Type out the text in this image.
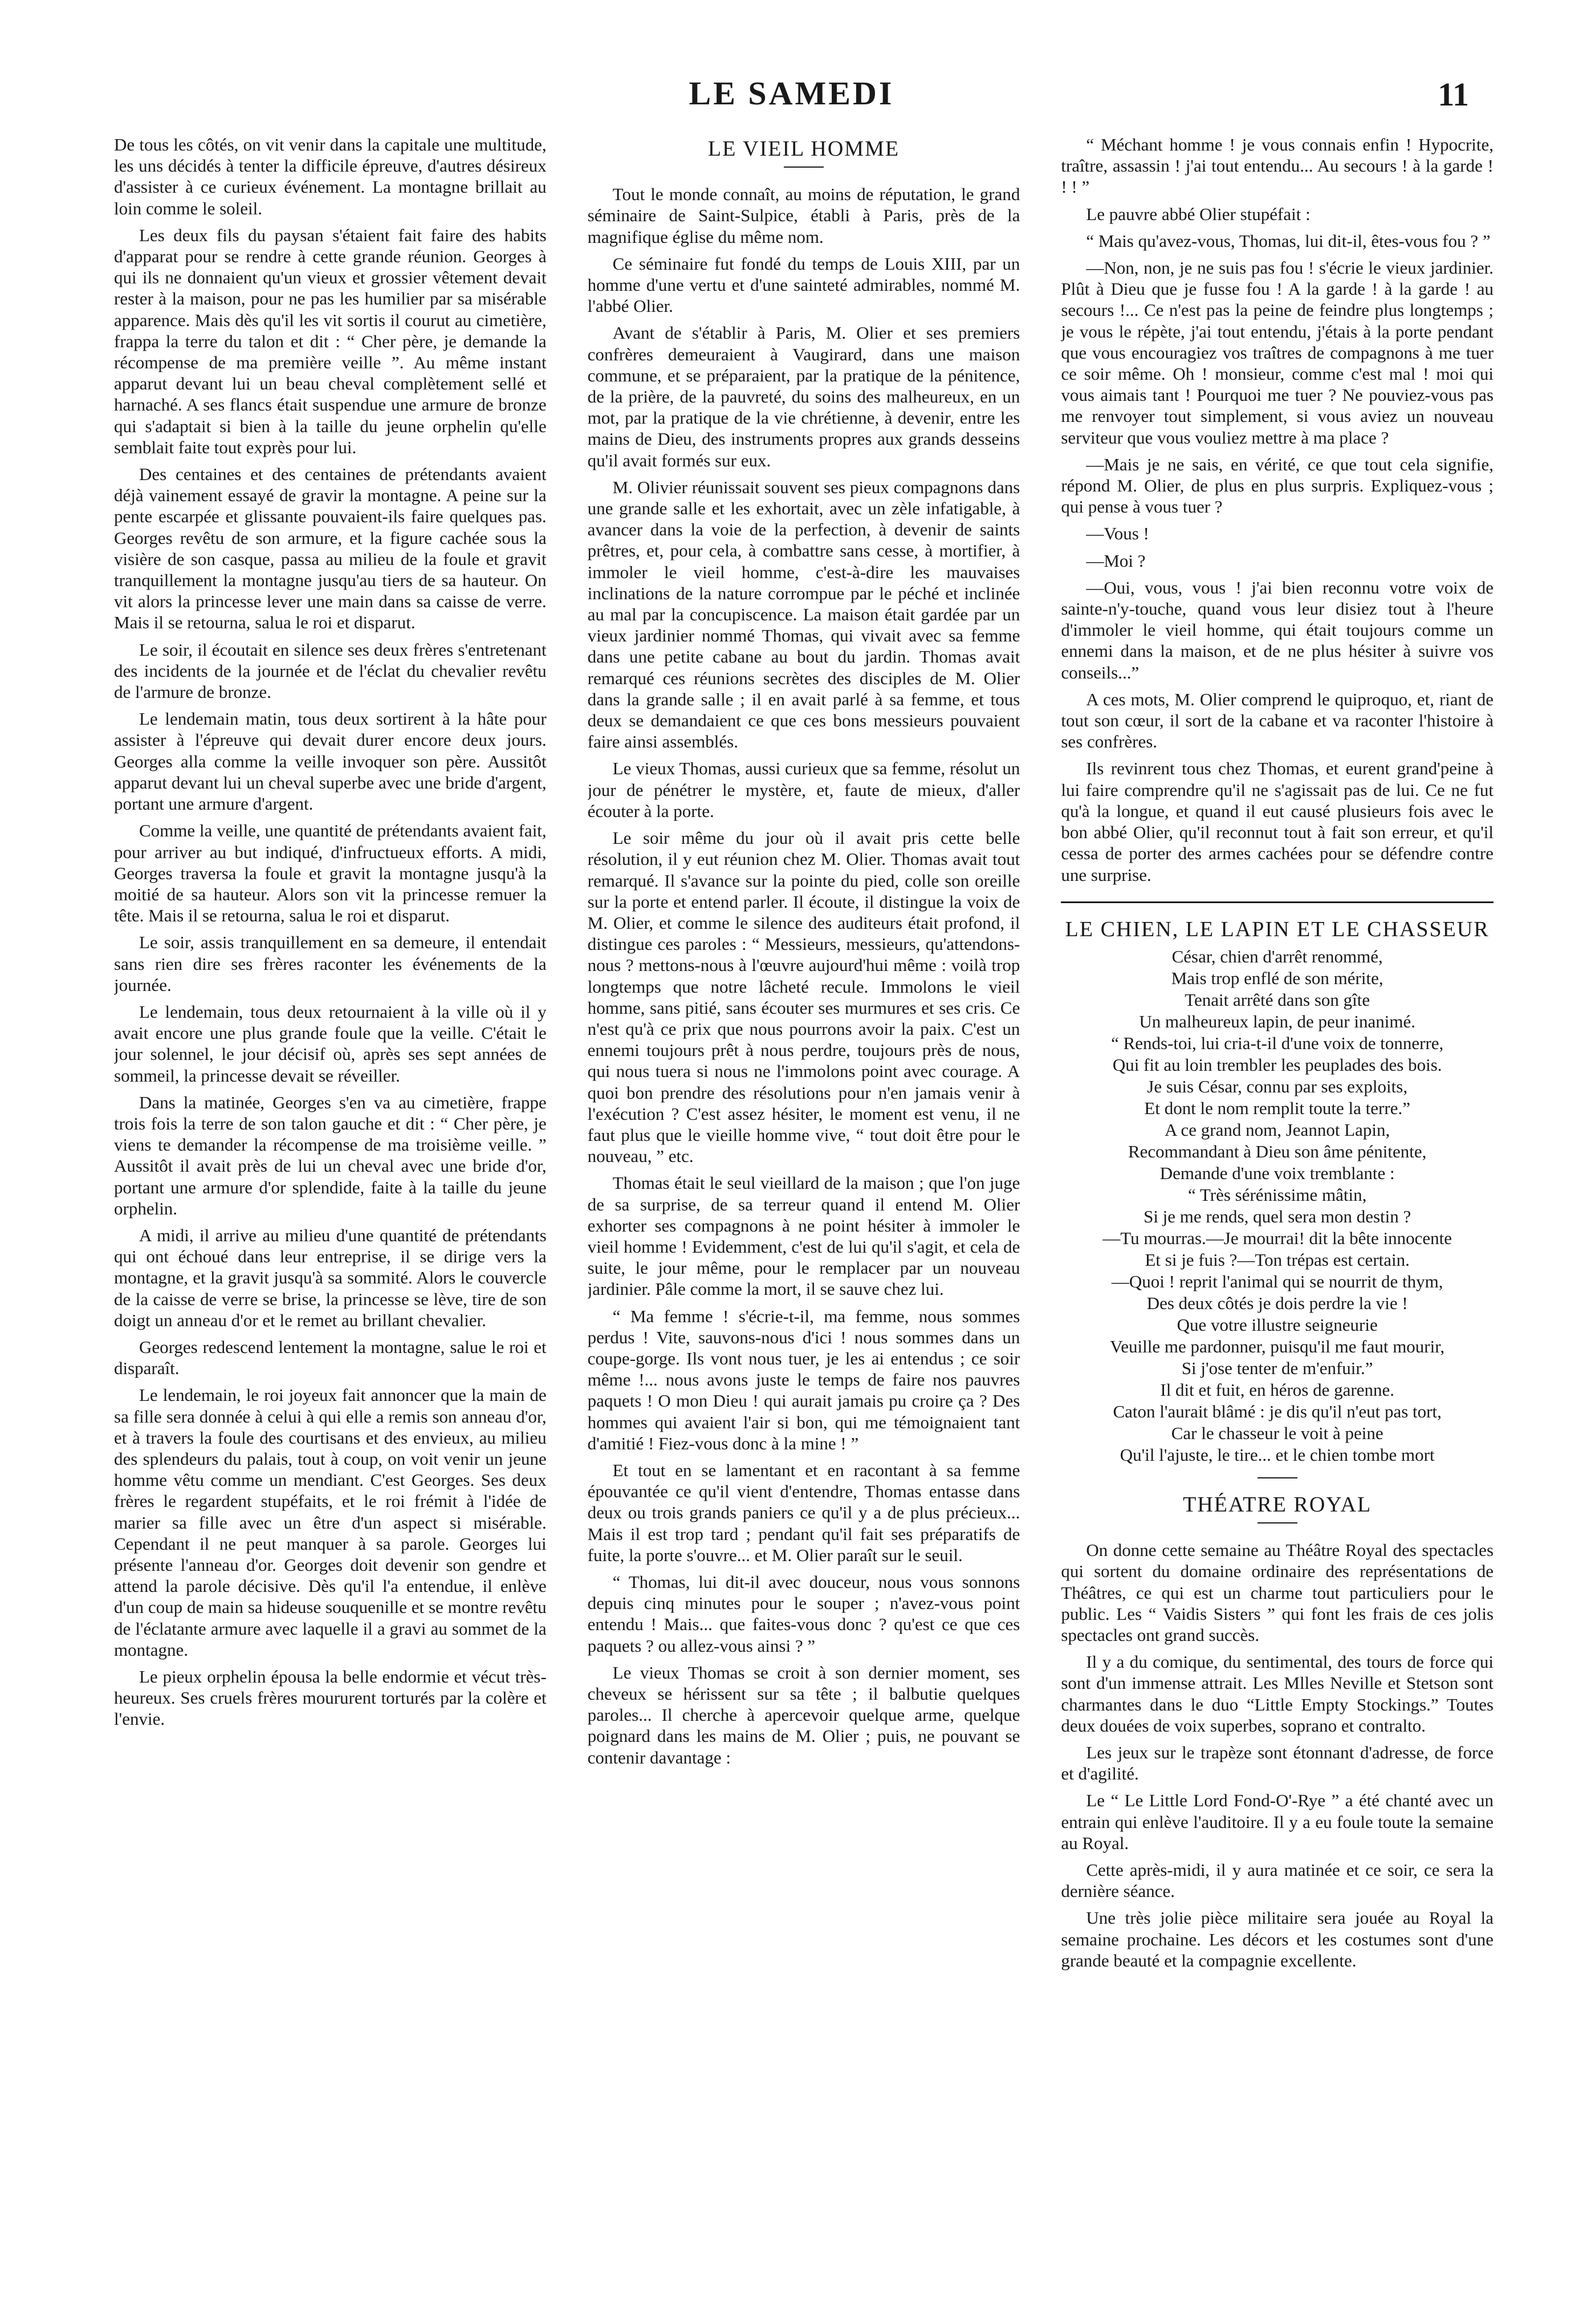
LE SAMEDI	11

De tous les côtés, on vit venir dans la capitale une multitude, les uns décidés à tenter la difficile épreuve, d'autres désireux d'assister à ce curieux événement. La montagne brillait au loin comme le soleil.

Les deux fils du paysan s'étaient fait faire des habits d'apparat pour se rendre à cette grande réunion. Georges à qui ils ne donnaient qu'un vieux et grossier vêtement devait rester à la maison, pour ne pas les humilier par sa misérable apparence. Mais dès qu'il les vit sortis il courut au cimetière, frappa la terre du talon et dit : “ Cher père, je demande la récompense de ma première veille ”. Au même instant apparut devant lui un beau cheval complètement sellé et harnaché. A ses flancs était suspendue une armure de bronze qui s'adaptait si bien à la taille du jeune orphelin qu'elle semblait faite tout exprès pour lui.

Des centaines et des centaines de prétendants avaient déjà vainement essayé de gravir la montagne. A peine sur la pente escarpée et glissante pouvaient-ils faire quelques pas. Georges revêtu de son armure, et la figure cachée sous la visière de son casque, passa au milieu de la foule et gravit tranquillement la montagne jusqu'au tiers de sa hauteur. On vit alors la princesse lever une main dans sa caisse de verre. Mais il se retourna, salua le roi et disparut.

Le soir, il écoutait en silence ses deux frères s'entretenant des incidents de la journée et de l'éclat du chevalier revêtu de l'armure de bronze.

Le lendemain matin, tous deux sortirent à la hâte pour assister à l'épreuve qui devait durer encore deux jours. Georges alla comme la veille invoquer son père. Aussitôt apparut devant lui un cheval superbe avec une bride d'argent, portant une armure d'argent.

Comme la veille, une quantité de prétendants avaient fait, pour arriver au but indiqué, d'infructueux efforts. A midi, Georges traversa la foule et gravit la montagne jusqu'à la moitié de sa hauteur. Alors son vit la princesse remuer la tête. Mais il se retourna, salua le roi et disparut.

Le soir, assis tranquillement en sa demeure, il entendait sans rien dire ses frères raconter les événements de la journée.

Le lendemain, tous deux retournaient à la ville où il y avait encore une plus grande foule que la veille. C'était le jour solennel, le jour décisif où, après ses sept années de sommeil, la princesse devait se réveiller.

Dans la matinée, Georges s'en va au cimetière, frappe trois fois la terre de son talon gauche et dit : “ Cher père, je viens te demander la récompense de ma troisième veille. ” Aussitôt il avait près de lui un cheval avec une bride d'or, portant une armure d'or splendide, faite à la taille du jeune orphelin.

A midi, il arrive au milieu d'une quantité de prétendants qui ont échoué dans leur entreprise, il se dirige vers la montagne, et la gravit jusqu'à sa sommité. Alors le couvercle de la caisse de verre se brise, la princesse se lève, tire de son doigt un anneau d'or et le remet au brillant chevalier.

Georges redescend lentement la montagne, salue le roi et disparaît.

Le lendemain, le roi joyeux fait annoncer que la main de sa fille sera donnée à celui à qui elle a remis son anneau d'or, et à travers la foule des courtisans et des envieux, au milieu des splendeurs du palais, tout à coup, on voit venir un jeune homme vêtu comme un mendiant. C'est Georges. Ses deux frères le regardent stupéfaits, et le roi frémit à l'idée de marier sa fille avec un être d'un aspect si misérable. Cependant il ne peut manquer à sa parole. Georges lui présente l'anneau d'or. Georges doit devenir son gendre et attend la parole décisive. Dès qu'il l'a entendue, il enlève d'un coup de main sa hideuse souquenille et se montre revêtu de l'éclatante armure avec laquelle il a gravi au sommet de la montagne.

Le pieux orphelin épousa la belle endormie et vécut très-heureux. Ses cruels frères moururent torturés par la colère et l'envie.

LE VIEIL HOMME

Tout le monde connaît, au moins de réputation, le grand séminaire de Saint-Sulpice, établi à Paris, près de la magnifique église du même nom.

Ce séminaire fut fondé du temps de Louis XIII, par un homme d'une vertu et d'une sainteté admirables, nommé M. l'abbé Olier.

Avant de s'établir à Paris, M. Olier et ses premiers confrères demeuraient à Vaugirard, dans une maison commune, et se préparaient, par la pratique de la pénitence, de la prière, de la pauvreté, du soins des malheureux, en un mot, par la pratique de la vie chrétienne, à devenir, entre les mains de Dieu, des instruments propres aux grands desseins qu'il avait formés sur eux.

M. Olivier réunissait souvent ses pieux compagnons dans une grande salle et les exhortait, avec un zèle infatigable, à avancer dans la voie de la perfection, à devenir de saints prêtres, et, pour cela, à combattre sans cesse, à mortifier, à immoler le vieil homme, c'est-à-dire les mauvaises inclinations de la nature corrompue par le péché et inclinée au mal par la concupiscence. La maison était gardée par un vieux jardinier nommé Thomas, qui vivait avec sa femme dans une petite cabane au bout du jardin. Thomas avait remarqué ces réunions secrètes des disciples de M. Olier dans la grande salle ; il en avait parlé à sa femme, et tous deux se demandaient ce que ces bons messieurs pouvaient faire ainsi assemblés.

Le vieux Thomas, aussi curieux que sa femme, résolut un jour de pénétrer le mystère, et, faute de mieux, d'aller écouter à la porte.

Le soir même du jour où il avait pris cette belle résolution, il y eut réunion chez M. Olier. Thomas avait tout remarqué. Il s'avance sur la pointe du pied, colle son oreille sur la porte et entend parler. Il écoute, il distingue la voix de M. Olier, et comme le silence des auditeurs était profond, il distingue ces paroles : “ Messieurs, messieurs, qu'attendons-nous ? mettons-nous à l'œuvre aujourd'hui même : voilà trop longtemps que notre lâcheté recule. Immolons le vieil homme, sans pitié, sans écouter ses murmures et ses cris. Ce n'est qu'à ce prix que nous pourrons avoir la paix. C'est un ennemi toujours prêt à nous perdre, toujours près de nous, qui nous tuera si nous ne l'immolons point avec courage. A quoi bon prendre des résolutions pour n'en jamais venir à l'exécution ? C'est assez hésiter, le moment est venu, il ne faut plus que le vieille homme vive, “ tout doit être pour le nouveau, ” etc.

Thomas était le seul vieillard de la maison ; que l'on juge de sa surprise, de sa terreur quand il entend M. Olier exhorter ses compagnons à ne point hésiter à immoler le vieil homme ! Evidemment, c'est de lui qu'il s'agit, et cela de suite, le jour même, pour le remplacer par un nouveau jardinier. Pâle comme la mort, il se sauve chez lui.

“ Ma femme ! s'écrie-t-il, ma femme, nous sommes perdus ! Vite, sauvons-nous d'ici ! nous sommes dans un coupe-gorge. Ils vont nous tuer, je les ai entendus ; ce soir même !... nous avons juste le temps de faire nos pauvres paquets ! O mon Dieu ! qui aurait jamais pu croire ça ? Des hommes qui avaient l'air si bon, qui me témoignaient tant d'amitié ! Fiez-vous donc à la mine ! ”

Et tout en se lamentant et en racontant à sa femme épouvantée ce qu'il vient d'entendre, Thomas entasse dans deux ou trois grands paniers ce qu'il y a de plus précieux... Mais il est trop tard ; pendant qu'il fait ses préparatifs de fuite, la porte s'ouvre... et M. Olier paraît sur le seuil.

“ Thomas, lui dit-il avec douceur, nous vous sonnons depuis cinq minutes pour le souper ; n'avez-vous point entendu ! Mais... que faites-vous donc ? qu'est ce que ces paquets ? ou allez-vous ainsi ? ”

Le vieux Thomas se croit à son dernier moment, ses cheveux se hérissent sur sa tête ; il balbutie quelques paroles... Il cherche à apercevoir quelque arme, quelque poignard dans les mains de M. Olier ; puis, ne pouvant se contenir davantage :

“ Méchant homme ! je vous connais enfin ! Hypocrite, traître, assassin ! j'ai tout entendu... Au secours ! à la garde ! ! ! ”

Le pauvre abbé Olier stupéfait :

“ Mais qu'avez-vous, Thomas, lui dit-il, êtes-vous fou ? ”

—Non, non, je ne suis pas fou ! s'écrie le vieux jardinier. Plût à Dieu que je fusse fou ! A la garde ! à la garde ! au secours !... Ce n'est pas la peine de feindre plus longtemps ; je vous le répète, j'ai tout entendu, j'étais à la porte pendant que vous encouragiez vos traîtres de compagnons à me tuer ce soir même. Oh ! monsieur, comme c'est mal ! moi qui vous aimais tant ! Pourquoi me tuer ? Ne pouviez-vous pas me renvoyer tout simplement, si vous aviez un nouveau serviteur que vous vouliez mettre à ma place ?

—Mais je ne sais, en vérité, ce que tout cela signifie, répond M. Olier, de plus en plus surpris. Expliquez-vous ; qui pense à vous tuer ?

—Vous !

—Moi ?

—Oui, vous, vous ! j'ai bien reconnu votre voix de sainte-n'y-touche, quand vous leur disiez tout à l'heure d'immoler le vieil homme, qui était toujours comme un ennemi dans la maison, et de ne plus hésiter à suivre vos conseils...”

A ces mots, M. Olier comprend le quiproquo, et, riant de tout son cœur, il sort de la cabane et va raconter l'histoire à ses confrères.

Ils revinrent tous chez Thomas, et eurent grand'peine à lui faire comprendre qu'il ne s'agissait pas de lui. Ce ne fut qu'à la longue, et quand il eut causé plusieurs fois avec le bon abbé Olier, qu'il reconnut tout à fait son erreur, et qu'il cessa de porter des armes cachées pour se défendre contre une surprise.

LE CHIEN, LE LAPIN ET LE CHASSEUR
César, chien d'arrêt renommé,
Mais trop enflé de son mérite,
Tenait arrêté dans son gîte
Un malheureux lapin, de peur inanimé.
“ Rends-toi, lui cria-t-il d'une voix de tonnerre,
Qui fit au loin trembler les peuplades des bois.
Je suis César, connu par ses exploits,
Et dont le nom remplit toute la terre.”
A ce grand nom, Jeannot Lapin,
Recommandant à Dieu son âme pénitente,
Demande d'une voix tremblante :
“ Très sérénissime mâtin,
Si je me rends, quel sera mon destin ?
—Tu mourras.—Je mourrai! dit la bête innocente
Et si je fuis ?—Ton trépas est certain.
—Quoi ! reprit l'animal qui se nourrit de thym,
Des deux côtés je dois perdre la vie !
Que votre illustre seigneurie
Veuille me pardonner, puisqu'il me faut mourir,
Si j'ose tenter de m'enfuir.”
Il dit et fuit, en héros de garenne.
Caton l'aurait blâmé : je dis qu'il n'eut pas tort,
Car le chasseur le voit à peine
Qu'il l'ajuste, le tire... et le chien tombe mort
THÉATRE ROYAL

On donne cette semaine au Théâtre Royal des spectacles qui sortent du domaine ordinaire des représentations de Théâtres, ce qui est un charme tout particuliers pour le public. Les “ Vaidis Sisters ” qui font les frais de ces jolis spectacles ont grand succès.

Il y a du comique, du sentimental, des tours de force qui sont d'un immense attrait. Les Mlles Neville et Stetson sont charmantes dans le duo “Little Empty Stockings.” Toutes deux douées de voix superbes, soprano et contralto.

Les jeux sur le trapèze sont étonnant d'adresse, de force et d'agilité.

Le “ Le Little Lord Fond-O'-Rye ” a été chanté avec un entrain qui enlève l'auditoire. Il y a eu foule toute la semaine au Royal.

Cette après-midi, il y aura matinée et ce soir, ce sera la dernière séance.

Une très jolie pièce militaire sera jouée au Royal la semaine prochaine. Les décors et les costumes sont d'une grande beauté et la compagnie excellente.
